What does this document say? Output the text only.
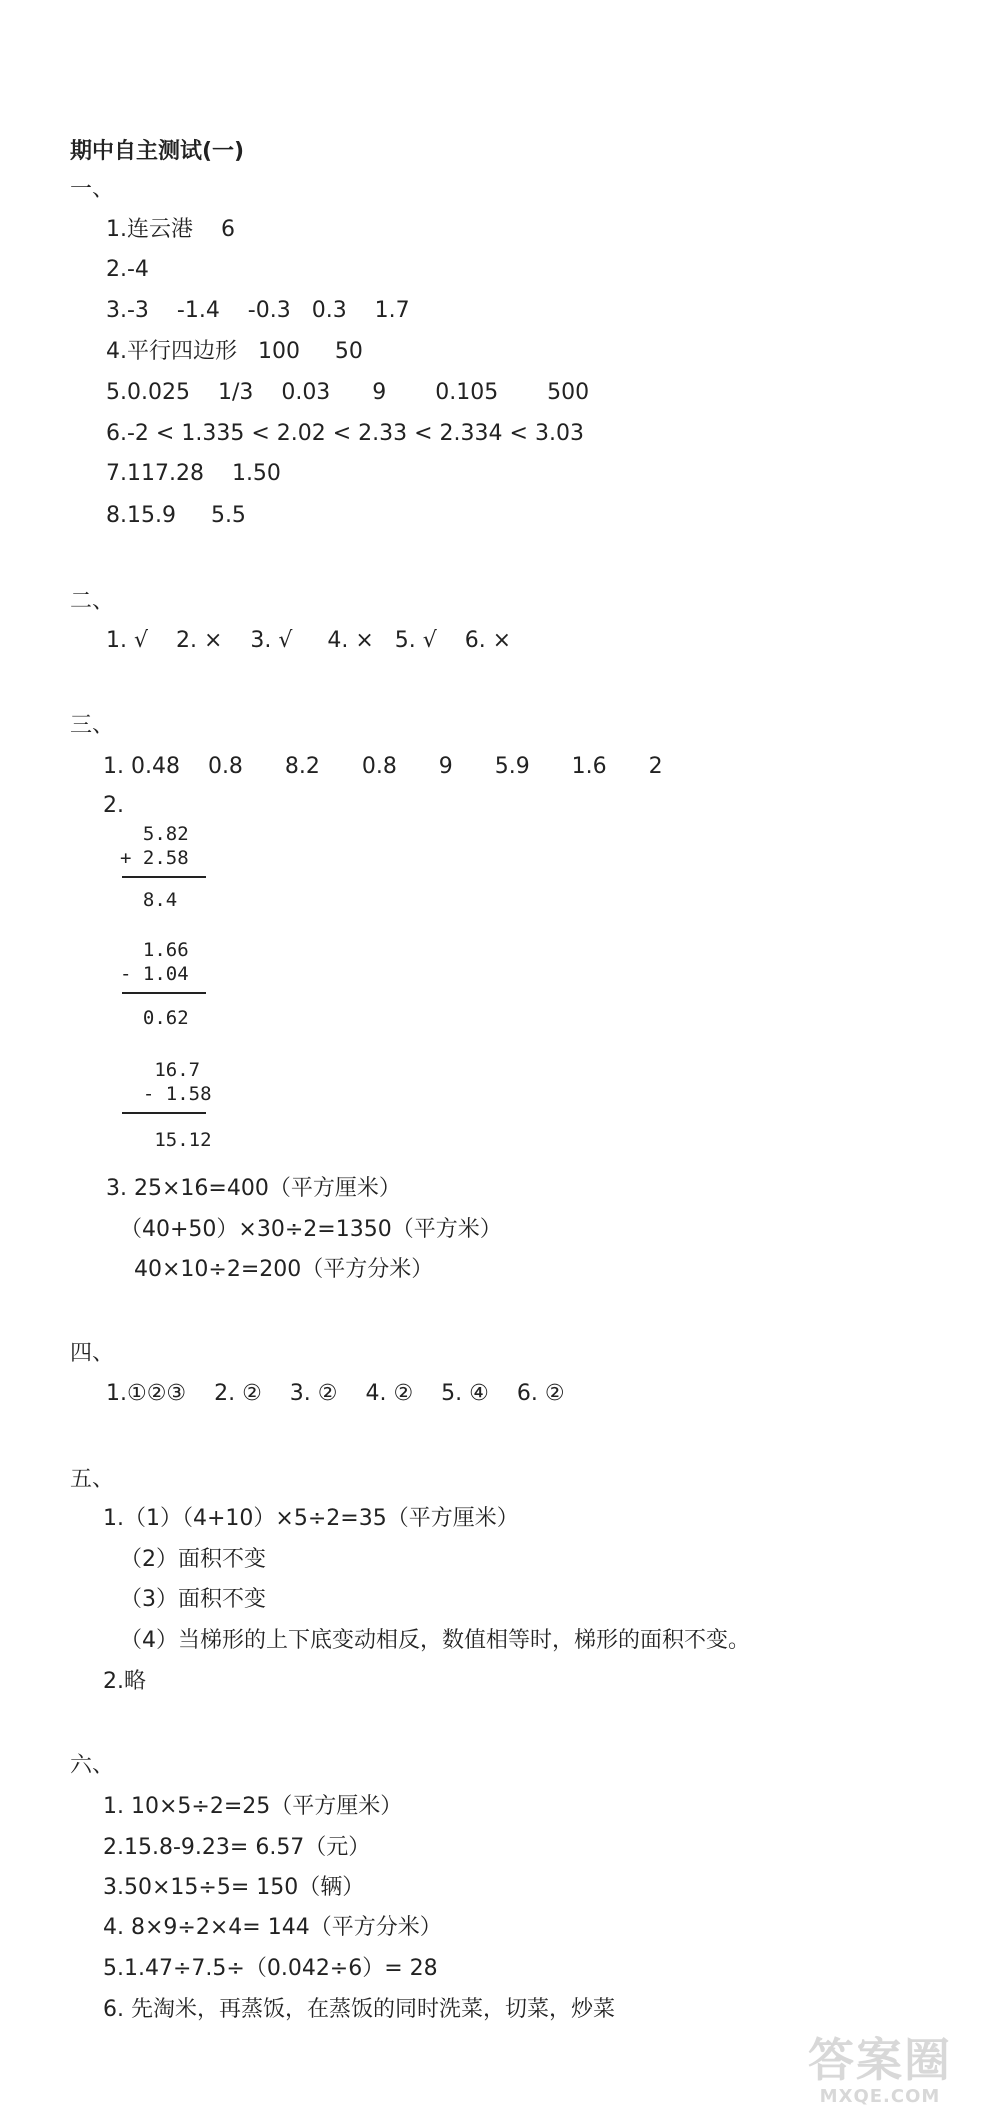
期中自主测试(一)
一、
1.连云港    6
2.-4
3.-3    -1.4    -0.3   0.3    1.7
4.平行四边形   100     50
5.0.025    1/3    0.03      9       0.105       500
6.-2 < 1.335 < 2.02 < 2.33 < 2.334 < 3.03
7.117.28    1.50
8.15.9     5.5
二、
1. √    2. ×    3. √     4. ×   5. √    6. ×
三、
1. 0.48    0.8      8.2      0.8      9      5.9      1.6      2
2.
5.82
+ 2.58
8.4
1.66
- 1.04
0.62
16.7
- 1.58
15.12
3. 25×16=400（平方厘米）
（40+50）×30÷2=1350（平方米）
40×10÷2=200（平方分米）
四、
1.①②③    2. ②    3. ②    4. ②    5. ④    6. ②
五、
1.（1）（4+10）×5÷2=35（平方厘米）
（2）面积不变
（3）面积不变
（4）当梯形的上下底变动相反，数值相等时，梯形的面积不变。
2.略
六、
1. 10×5÷2=25（平方厘米）
2.15.8-9.23= 6.57（元）
3.50×15÷5= 150（辆）
4. 8×9÷2×4= 144（平方分米）
5.1.47÷7.5÷（0.042÷6）= 28
6. 先淘米，再蒸饭，在蒸饭的同时洗菜，切菜，炒菜
答案圈
MXQE.COM
